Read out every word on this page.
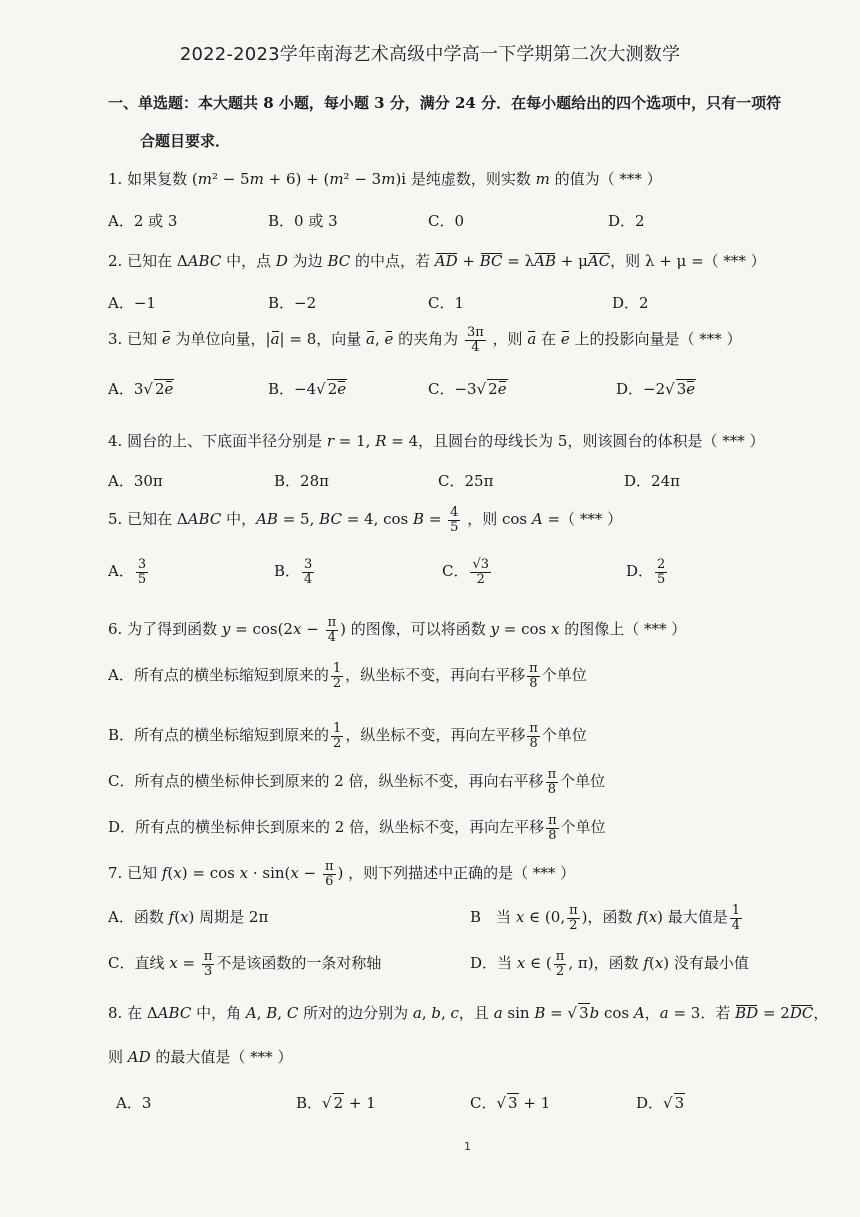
2022-2023学年南海艺术高级中学高一下学期第二次大测数学
一、单选题：本大题共 8 小题，每小题 3 分，满分 24 分．在每小题给出的四个选项中，只有一项符
合题目要求．
1. 如果复数 (m² − 5m + 6) + (m² − 3m)i 是纯虚数，则实数 m 的值为（ *** ）
A．2 或 3	B．0 或 3	C．0	D．2
2. 已知在 ΔABC 中，点 D 为边 BC 的中点，若 AD + BC = λAB + μAC，则 λ + μ =（ *** ）
A．−1	B．−2	C．1	D．2
3. 已知 e 为单位向量，|a| = 8，向量 a, e 的夹角为 $\frac{3\pi}{4}$ ，则 a 在 e 上的投影向量是（ *** ）
A．3√ 2e	B．−4√ 2e	C．−3√ 2e	D．−2√ 3e
4. 圆台的上、下底面半径分别是 r = 1, R = 4，且圆台的母线长为 5，则该圆台的体积是（ *** ）
A．30π	B．28π	C．25π	D．24π
5. 已知在 ΔABC 中，AB = 5, BC = 4, $\cos B = \frac{4}{5}$ ，则 cos A =（ *** ）
A． $\frac{3}{5}$	B． $\frac{3}{4}$	C． $\frac{√3}{2}$	D． $\frac{2}{5}$
6. 为了得到函数 $y = \cos(2x - \frac{\pi}{4}$ ) 的图像，可以将函数 y = cos x 的图像上（ *** ）
A．所有点的横坐标缩短到原来的 $\frac{1}{2}$ ，纵坐标不变，再向右平移 $\frac{\pi}{8}$ 个单位
B．所有点的横坐标缩短到原来的 $\frac{1}{2}$ ，纵坐标不变，再向左平移 $\frac{\pi}{8}$ 个单位
C．所有点的横坐标伸长到原来的 2 倍，纵坐标不变，再向右平移 $\frac{\pi}{8}$ 个单位
D．所有点的横坐标伸长到原来的 2 倍，纵坐标不变，再向左平移 $\frac{\pi}{8}$ 个单位
7. 已知 $f(x) = \cos x \cdot \sin(x - \frac{\pi}{6}$ ) ，则下列描述中正确的是（ *** ）
A．函数 f(x) 周期是 2π	B　当 x ∈ (0, $\frac{\pi}{2}$ )，函数 f(x) 最大值是 $\frac{1}{4}$
C．直线 $x = \frac{\pi}{3}$ 不是该函数的一条对称轴	D．当 x ∈ ( $\frac{\pi}{2}$ , π)，函数 f(x) 没有最小值
8. 在 ΔABC 中，角 A, B, C 所对的边分别为 a, b, c，且 a sin B = √ 3b cos A，a = 3．若 BD = 2DC，
则 AD 的最大值是（ *** ）
A．3	B．√ 2 + 1	C．√ 3 + 1	D．√ 3
1
